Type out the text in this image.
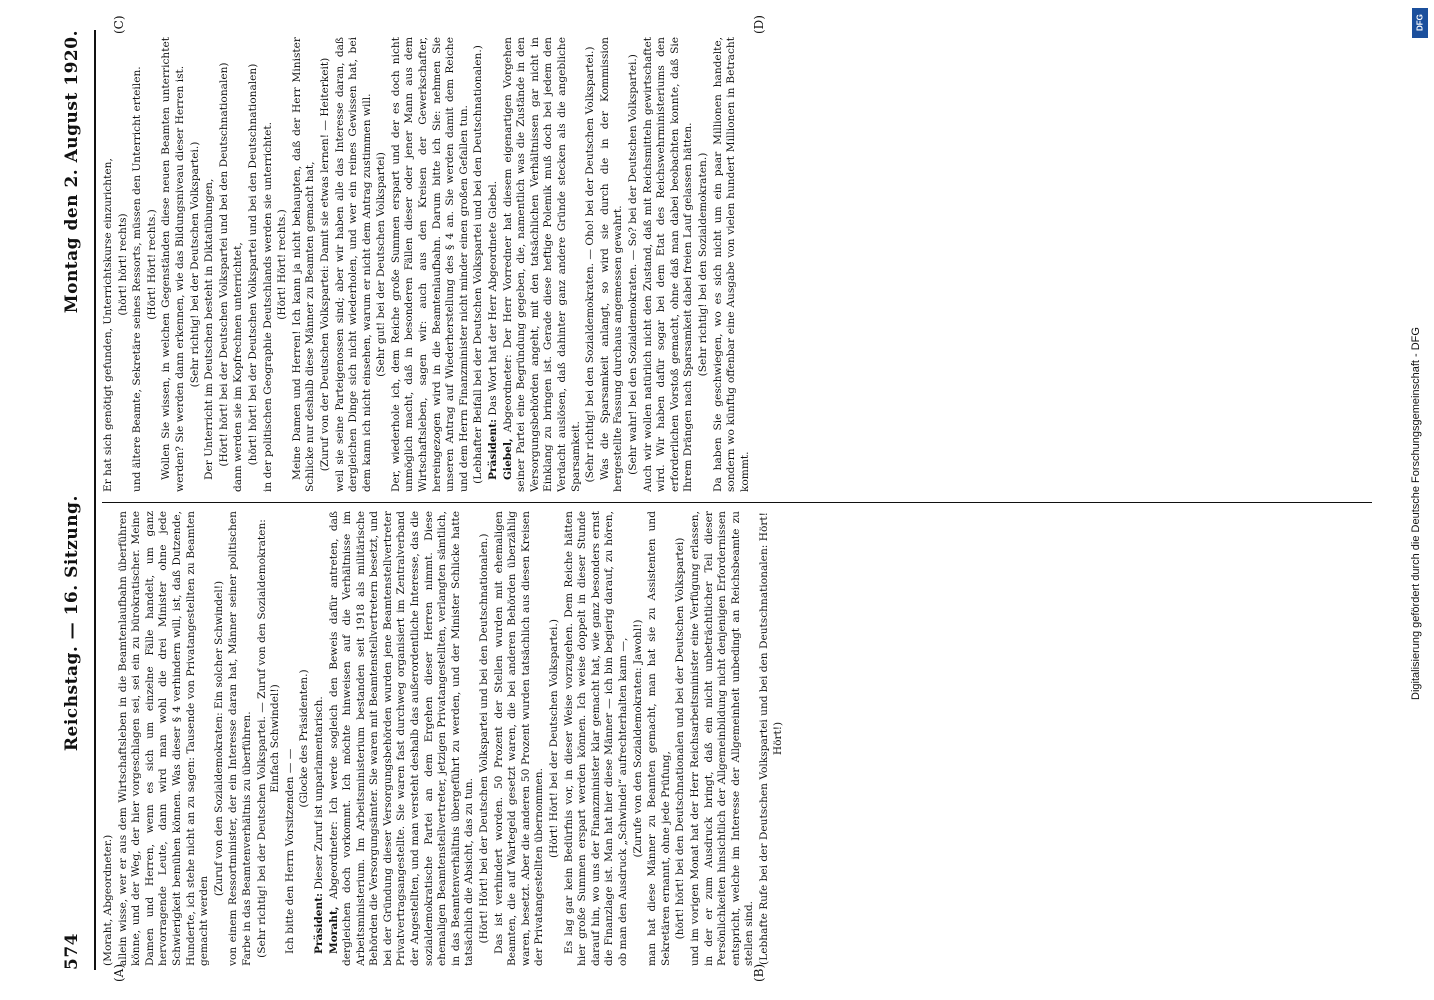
574
Reichstag. — 16. Sitzung.
Montag den 2. August 1920.

(Moraht, Abgeordneter.) allein wisse, wer er aus dem Wirtschaftsleben in die Beamtenlaufbahn überführen könne, und der Weg, der hier vorgeschlagen sei, sei ein zu bürokratischer. Meine Damen und Herren, wenn es sich um einzelne Fälle handelt, um ganz hervorragende Leute, dann wird man wohl die drei Minister ohne jede Schwierigkeit bemühen können. Was dieser § 4 verhindern will, ist, daß Dutzende, Hunderte, ich stehe nicht an zu sagen: Tausende von Privatangestellten zu Beamten gemacht werden

(Zuruf von den Sozialdemokraten: Ein solcher Schwindel!) von einem Ressortminister, der ein Interesse daran hat, Männer seiner politischen Farbe in das Beamtenverhältnis zu überführen. (Sehr richtig! bei der Deutschen Volkspartei. — Zuruf von den Sozialdemokraten: Einfach Schwindel!)

Ich bitte den Herrn Vorsitzenden — —

(Glocke des Präsidenten.)

Präsident: Dieser Zuruf ist unparlamentarisch.

Moraht, Abgeordneter: Ich werde sogleich den Beweis dafür antreten, daß dergleichen doch vorkommt. Ich möchte hinweisen auf die Verhältnisse im Arbeitsministerium. Im Arbeitsministerium bestanden seit 1918 als militärische Behörden die Versorgungsämter. Sie waren mit Beamtenstellvertretern besetzt, und bei der Gründung dieser Versorgungsbehörden wurden jene Beamtenstellvertreter Privatvertragsangestellte. Sie waren fast durchweg organisiert im Zentralverband der Angestellten, und man versteht deshalb das außerordentliche Interesse, das die sozialdemokratische Partei an dem Ergehen dieser Herren nimmt. Diese ehemaligen Beamtenstellvertreter, jetzigen Privatangestellten, verlangten sämtlich, in das Beamtenverhältnis übergeführt zu werden, und der Minister Schlicke hatte tatsächlich die Absicht, das zu tun. (Hört! Hört! bei der Deutschen Volkspartei und bei den Deutschnationalen.) Das ist verhindert worden. 50 Prozent der Stellen wurden mit ehemaligen Beamten, die auf Wartegeld gesetzt waren, die bei anderen Behörden überzählig waren, besetzt. Aber die anderen 50 Prozent wurden tatsächlich aus diesen Kreisen der Privatangestellten übernommen.

(Hört! Hört! bei der Deutschen Volkspartei.) Es lag gar kein Bedürfnis vor, in dieser Weise vorzugehen. Dem Reiche hätten hier große Summen erspart werden können. Ich weise doppelt in dieser Stunde darauf hin, wo uns der Finanzminister klar gemacht hat, wie ganz besonders ernst die Finanzlage ist. Man hat hier diese Männer — ich bin begierig darauf, zu hören, ob man den Ausdruck „Schwindel“ aufrechterhalten kann —, (Zurufe von den Sozialdemokraten: Jawohl!) man hat diese Männer zu Beamten gemacht, man hat sie zu Assistenten und Sekretären ernannt, ohne jede Prüfung, (hört! hört! bei den Deutschnationalen und bei der Deutschen Volkspartei) und im vorigen Monat hat der Herr Reichsarbeitsminister eine Verfügung erlassen, in der er zum Ausdruck bringt, daß ein nicht unbeträchtlicher Teil dieser Persönlichkeiten hinsichtlich der Allgemeinbildung nicht denjenigen Erfordernissen entspricht, welche im Interesse der Allgemeinheit unbedingt an Reichsbeamte zu stellen sind. (Lebhafte Rufe bei der Deutschen Volkspartei und bei den Deutschnationalen: Hört! Hört!)

Er hat sich genötigt gefunden, Unterrichtskurse einzurichten, (hört! hört! rechts) und ältere Beamte, Sekretäre seines Ressorts, müssen den Unterricht erteilen. (Hört! Hört! rechts.) Wollen Sie wissen, in welchen Gegenständen diese neuen Beamten unterrichtet werden? Sie werden dann erkennen, wie das Bildungsniveau dieser Herren ist. (Sehr richtig! bei der Deutschen Volkspartei.) Der Unterricht im Deutschen besteht in Diktatübungen, (Hört! hört! bei der Deutschen Volkspartei und bei den Deutschnationalen) dann werden sie im Kopfrechnen unterrichtet, (hört! hört! bei der Deutschen Volkspartei und bei den Deutschnationalen) in der politischen Geographie Deutschlands werden sie unterrichtet. (Hört! Hört! rechts.) Meine Damen und Herren! Ich kann ja nicht behaupten, daß der Herr Minister Schlicke nur deshalb diese Männer zu Beamten gemacht hat, (Zuruf von der Deutschen Volkspartei: Damit sie etwas lernen! — Heiterkeit) weil sie seine Parteigenossen sind; aber wir haben alle das Interesse daran, daß dergleichen Dinge sich nicht wiederholen, und wer ein reines Gewissen hat, bei dem kann ich nicht einsehen, warum er nicht dem Antrag zustimmen will. (Sehr gut! bei der Deutschen Volkspartei) Der, wiederhole ich, dem Reiche große Summen erspart und der es doch nicht unmöglich macht, daß in besonderen Fällen dieser oder jener Mann aus dem Wirtschaftsleben, sagen wir: auch aus den Kreisen der Gewerkschafter, hereingezogen wird in die Beamtenlaufbahn. Darum bitte ich Sie: nehmen Sie unseren Antrag auf Wiederherstellung des § 4 an. Sie werden damit dem Reiche und dem Herrn Finanzminister nicht minder einen großen Gefallen tun. (Lebhafter Beifall bei der Deutschen Volkspartei und bei den Deutschnationalen.) Präsident: Das Wort hat der Herr Abgeordnete Giebel.

Giebel, Abgeordneter: Der Herr Vorredner hat diesem eigenartigen Vorgehen seiner Partei eine Begründung gegeben, die, namentlich was die Zustände in den Versorgungsbehörden angeht, mit den tatsächlichen Verhältnissen gar nicht in Einklang zu bringen ist. Gerade diese heftige Polemik muß doch bei jedem den Verdacht auslösen, daß dahinter ganz andere Gründe stecken als die angebliche Sparsamkeit. (Sehr richtig! bei den Sozialdemokraten. — Oho! bei der Deutschen Volkspartei.) Was die Sparsamkeit anlangt, so wird sie durch die in der Kommission hergestellte Fassung durchaus angemessen gewahrt. (Sehr wahr! bei den Sozialdemokraten. — So? bei der Deutschen Volkspartei.) Auch wir wollen natürlich nicht den Zustand, daß mit Reichsmitteln gewirtschaftet wird. Wir haben dafür sogar bei dem Etat des Reichswehrministeriums den erforderlichen Vorstoß gemacht, ohne daß man dabei beobachten konnte, daß Sie Ihrem Drängen nach Sparsamkeit dabei freien Lauf gelassen hätten. (Sehr richtig! bei den Sozialdemokraten.) Da haben Sie geschwiegen, wo es sich nicht um ein paar Millionen handelte, sondern wo künftig offenbar eine Ausgabe von vielen hundert Millionen in Betracht kommt.

(A)	(B)
(C)	(D)
Digitalisierung gefördert durch die Deutsche Forschungsgemeinschaft - DFG
DFG
